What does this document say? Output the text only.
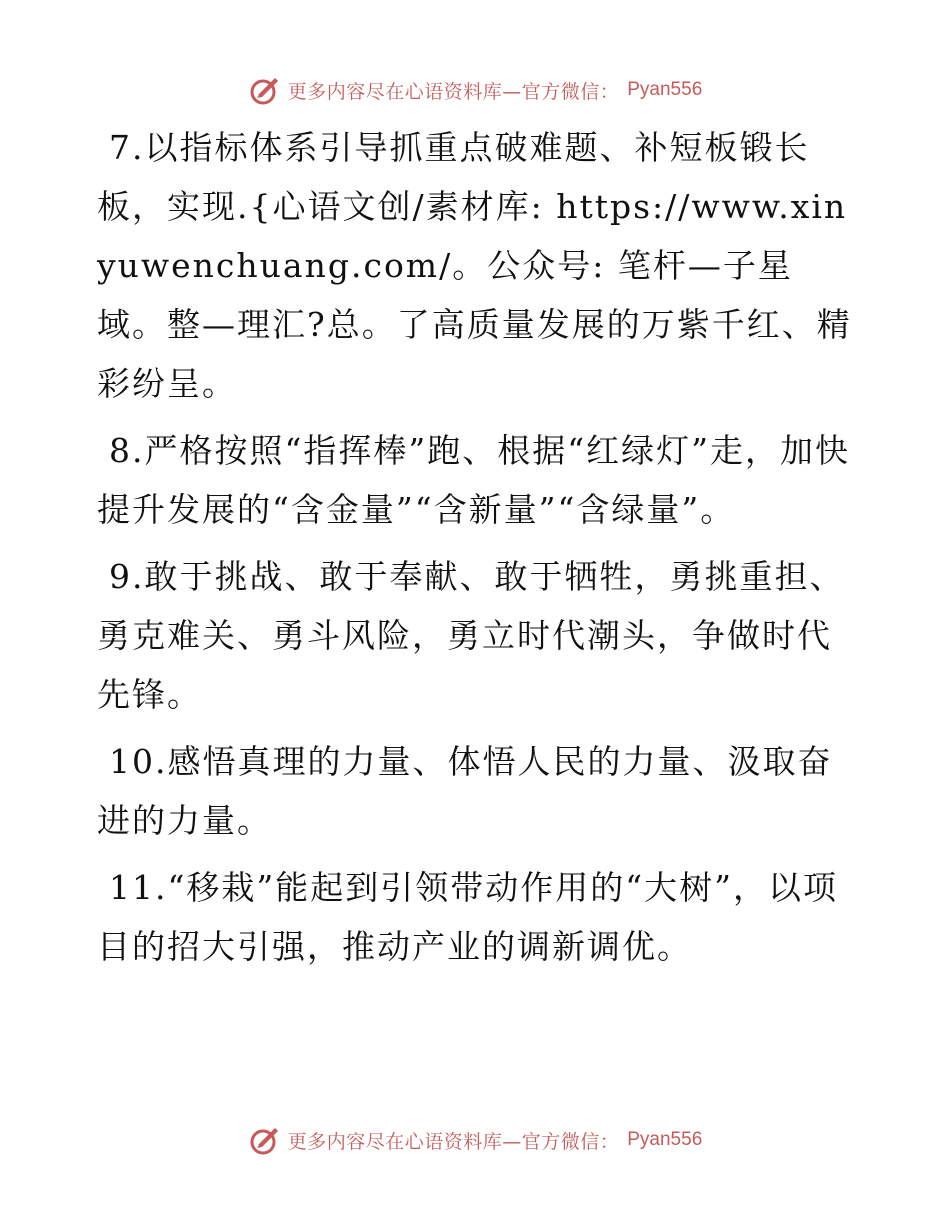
更多内容尽在心语资料库—官方微信： Pyan556

7.以指标体系引导抓重点破难题、补短板锻长板，实现.{心语文创/素材库: https://www.xinyuwenchuang.com/。公众号: 笔杆—子星域。整—理汇?总。了高质量发展的万紫千红、精彩纷呈。

8.严格按照“指挥棒”跑、根据“红绿灯”走，加快提升发展的“含金量”“含新量”“含绿量”。

9.敢于挑战、敢于奉献、敢于牺牲，勇挑重担、勇克难关、勇斗风险，勇立时代潮头，争做时代先锋。

10.感悟真理的力量、体悟人民的力量、汲取奋进的力量。

11.“移栽”能起到引领带动作用的“大树”，以项目的招大引强，推动产业的调新调优。

更多内容尽在心语资料库—官方微信： Pyan556
